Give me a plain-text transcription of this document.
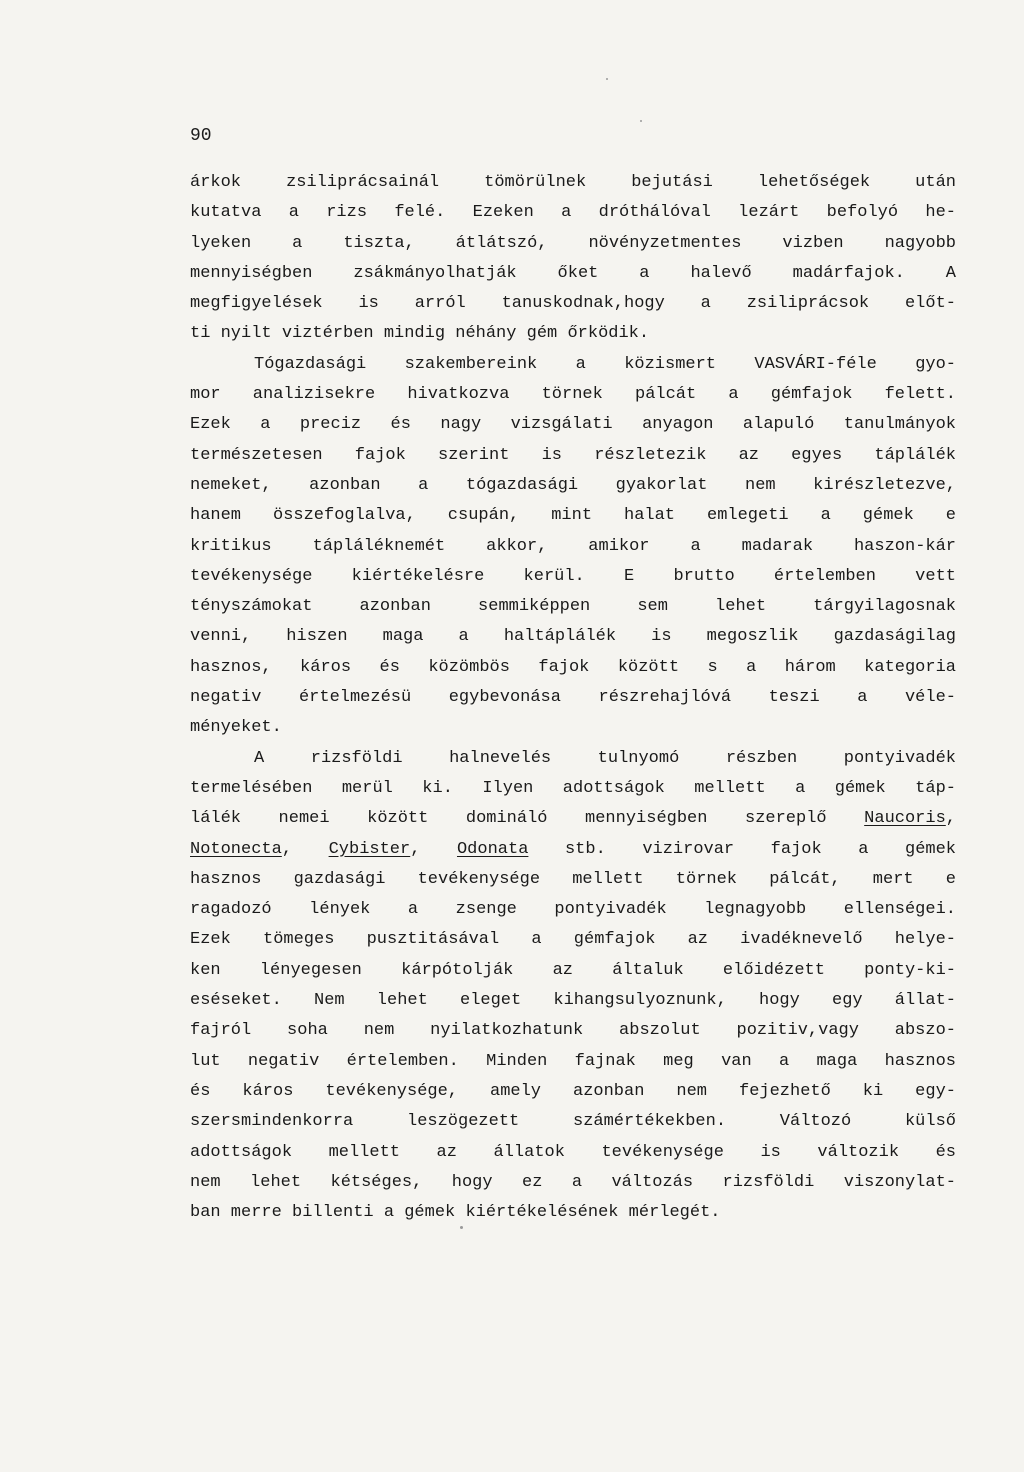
90

árkok zsiliprácsainál tömörülnek bejutási lehetőségek után
kutatva a rizs felé. Ezeken a dróthálóval lezárt befolyó he-
lyeken a tiszta, átlátszó, növényzetmentes vizben nagyobb
mennyiségben zsákmányolhatják őket a halevő madárfajok. A
megfigyelések is arról tanuskodnak,hogy a zsiliprácsok előt-
ti nyilt viztérben mindig néhány gém őrködik.
Tógazdasági szakembereink a közismert VASVÁRI-féle gyo-
mor analizisekre hivatkozva törnek pálcát a gémfajok felett.
Ezek a preciz és nagy vizsgálati anyagon alapuló tanulmányok
természetesen fajok szerint is részletezik az egyes táplálék
nemeket, azonban a tógazdasági gyakorlat nem kirészletezve,
hanem összefoglalva, csupán, mint halat emlegeti a gémek e
kritikus tápláléknemét akkor, amikor a madarak haszon-kár
tevékenysége kiértékelésre kerül. E brutto értelemben vett
tényszámokat azonban semmiképpen sem lehet tárgyilagosnak
venni, hiszen maga a haltáplálék is megoszlik gazdaságilag
hasznos, káros és közömbös fajok között s a három kategoria
negativ értelmezésü egybevonása részrehajlóvá teszi a véle-
ményeket.
A rizsföldi halnevelés tulnyomó részben pontyivadék
termelésében merül ki. Ilyen adottságok mellett a gémek táp-
lálék nemei között domináló mennyiségben szereplő Naucoris,
Notonecta, Cybister, Odonata stb. vizirovar fajok a gémek
hasznos gazdasági tevékenysége mellett törnek pálcát, mert e
ragadozó lények a zsenge pontyivadék legnagyobb ellenségei.
Ezek tömeges pusztitásával a gémfajok az ivadéknevelő helye-
ken lényegesen kárpótolják az általuk előidézett ponty-ki-
eséseket. Nem lehet eleget kihangsulyoznunk, hogy egy állat-
fajról soha nem nyilatkozhatunk abszolut pozitiv,vagy abszo-
lut negativ értelemben. Minden fajnak meg van a maga hasznos
és káros tevékenysége, amely azonban nem fejezhető ki egy-
szersmindenkorra leszögezett számértékekben. Változó külső
adottságok mellett az állatok tevékenysége is változik és
nem lehet kétséges, hogy ez a változás rizsföldi viszonylat-
ban merre billenti a gémek kiértékelésének mérlegét.
